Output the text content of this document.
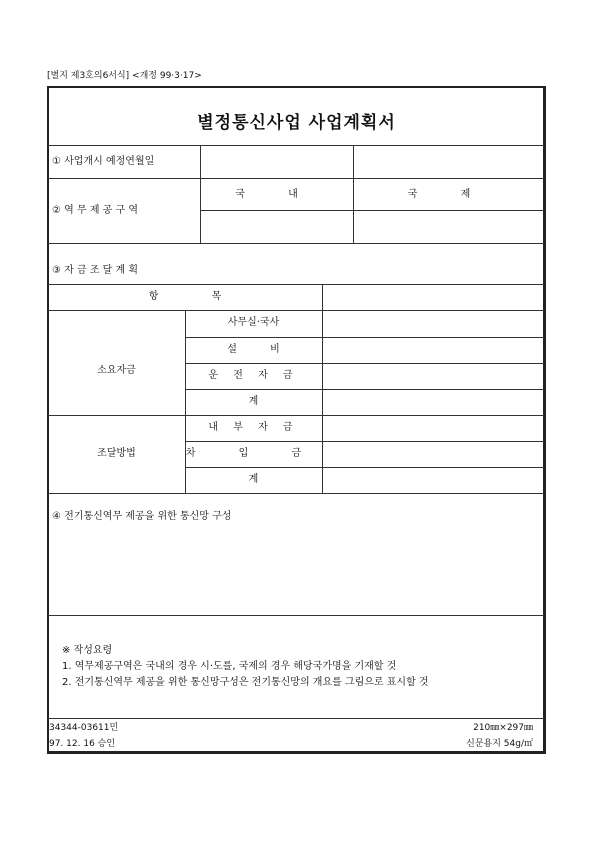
[별지 제3호의6서식] <개정 99·3·17>
별정통신사업 사업계획서
① 사업개시 예정연월일
② 역 무 제 공 구 역
국 내	국 제
③ 자 금 조 달 계 획
항 목
소요자금
사무실·국사
설 비
운 전 자 금
계
조달방법
내 부 자 금
차 입 금
계
④ 전기통신역무 제공을 위한 통신망 구성
※ 작성요령
1. 역무제공구역은 국내의 경우 시·도를, 국제의 경우 해당국가명을 기재할 것
2. 전기통신역무 제공을 위한 통신망구성은 전기통신망의 개요를 그림으로 표시할 것
34344-03611민
97. 12. 16 승인
210㎜×297㎜
신문용지 54g/㎡
